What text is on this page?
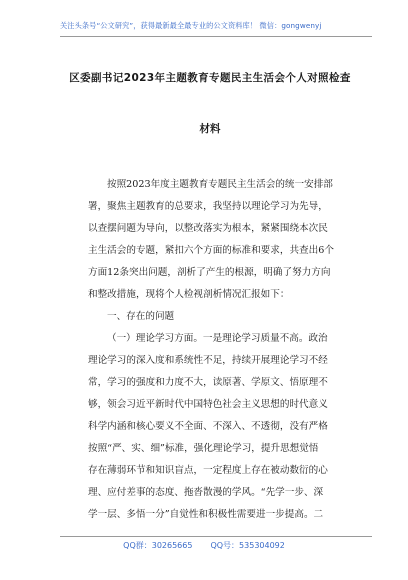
关注头条号“公文研究”，获得最新最全最专业的公文资料库！ 微信：gongwenyj
区委副书记2023年主题教育专题民主生活会个人对照检查
材料
按照2023年度主题教育专题民主生活会的统一安排部
署，聚焦主题教育的总要求，我坚持以理论学习为先导，
以查摆问题为导向，以整改落实为根本，紧紧围绕本次民
主生活会的专题，紧扣六个方面的标准和要求，共查出6个
方面12条突出问题，剖析了产生的根源，明确了努力方向
和整改措施，现将个人检视剖析情况汇报如下：
一、存在的问题
（一）理论学习方面。一是理论学习质量不高。政治
理论学习的深入度和系统性不足，持续开展理论学习不经
常，学习的强度和力度不大，读原著、学原文、悟原理不
够，领会习近平新时代中国特色社会主义思想的时代意义
科学内涵和核心要义不全面、不深入、不透彻，没有严格
按照“严、实、细”标准，强化理论学习，提升思想觉悟
存在薄弱环节和知识盲点，一定程度上存在被动数衍的心
理、应付差事的态度、拖沓散漫的学风。“先学一步、深
学一层、多悟一分”自觉性和积极性需要进一步提高。二
QQ群：30265665 QQ号：535304092
